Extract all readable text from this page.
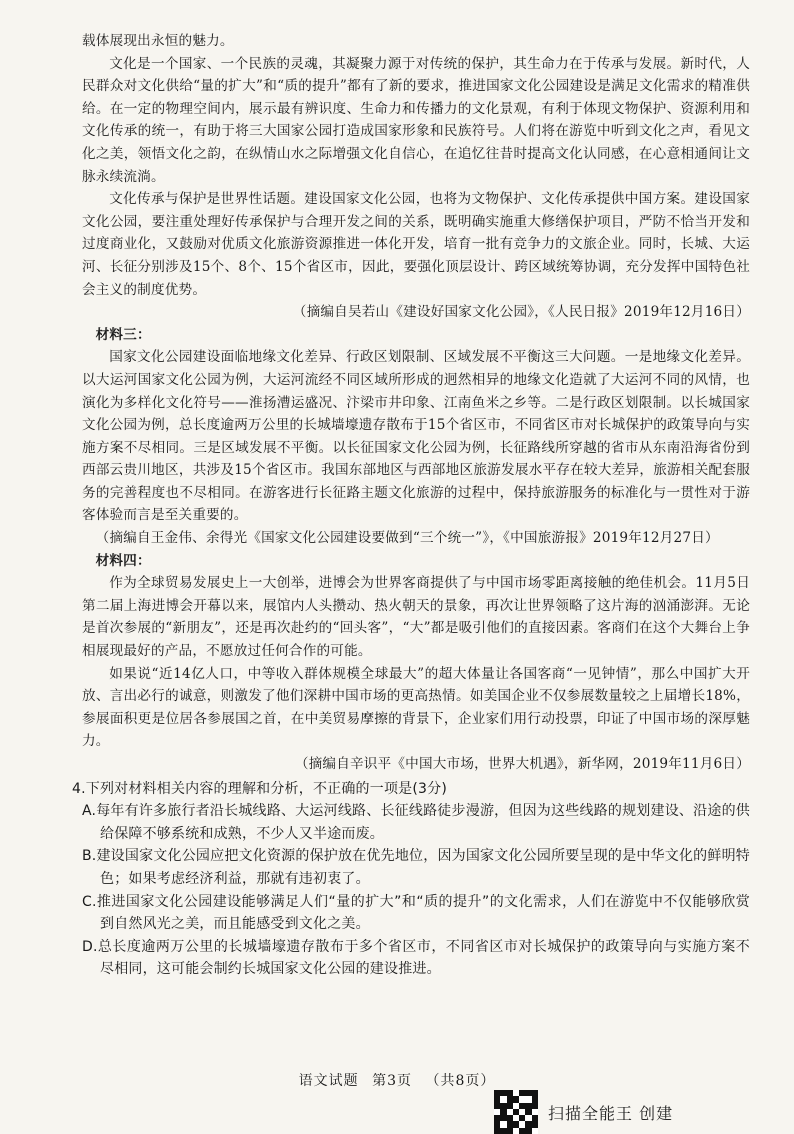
载体展现出永恒的魅力。

文化是一个国家、一个民族的灵魂，其凝聚力源于对传统的保护，其生命力在于传承与发展。新时代，人民群众对文化供给“量的扩大”和“质的提升”都有了新的要求，推进国家文化公园建设是满足文化需求的精准供给。在一定的物理空间内，展示最有辨识度、生命力和传播力的文化景观，有利于体现文物保护、资源利用和文化传承的统一，有助于将三大国家公园打造成国家形象和民族符号。人们将在游览中听到文化之声，看见文化之美，领悟文化之韵，在纵情山水之际增强文化自信心，在追忆往昔时提高文化认同感，在心意相通间让文脉永续流淌。

文化传承与保护是世界性话题。建设国家文化公园，也将为文物保护、文化传承提供中国方案。建设国家文化公园，要注重处理好传承保护与合理开发之间的关系，既明确实施重大修缮保护项目，严防不恰当开发和过度商业化，又鼓励对优质文化旅游资源推进一体化开发，培育一批有竞争力的文旅企业。同时，长城、大运河、长征分别涉及15个、8个、15个省区市，因此，要强化顶层设计、跨区域统筹协调，充分发挥中国特色社会主义的制度优势。

（摘编自吴若山《建设好国家文化公园》，《人民日报》2019年12月16日）

材料三：

国家文化公园建设面临地缘文化差异、行政区划限制、区域发展不平衡这三大问题。一是地缘文化差异。以大运河国家文化公园为例，大运河流经不同区域所形成的迥然相异的地缘文化造就了大运河不同的风情，也演化为多样化文化符号——淮扬漕运盛况、汴梁市井印象、江南鱼米之乡等。二是行政区划限制。以长城国家文化公园为例，总长度逾两万公里的长城墙壕遗存散布于15个省区市，不同省区市对长城保护的政策导向与实施方案不尽相同。三是区域发展不平衡。以长征国家文化公园为例，长征路线所穿越的省市从东南沿海省份到西部云贵川地区，共涉及15个省区市。我国东部地区与西部地区旅游发展水平存在较大差异，旅游相关配套服务的完善程度也不尽相同。在游客进行长征路主题文化旅游的过程中，保持旅游服务的标准化与一贯性对于游客体验而言是至关重要的。

（摘编自王金伟、余得光《国家文化公园建设要做到“三个统一”》，《中国旅游报》2019年12月27日）

材料四：

作为全球贸易发展史上一大创举，进博会为世界客商提供了与中国市场零距离接触的绝佳机会。11月5日第二届上海进博会开幕以来，展馆内人头攒动、热火朝天的景象，再次让世界领略了这片海的汹涌澎湃。无论是首次参展的“新朋友”，还是再次赴约的“回头客”，“大”都是吸引他们的直接因素。客商们在这个大舞台上争相展现最好的产品，不愿放过任何合作的可能。

如果说“近14亿人口，中等收入群体规模全球最大”的超大体量让各国客商“一见钟情”，那么中国扩大开放、言出必行的诚意，则激发了他们深耕中国市场的更高热情。如美国企业不仅参展数量较之上届增长18%，参展面积更是位居各参展国之首，在中美贸易摩擦的背景下，企业家们用行动投票，印证了中国市场的深厚魅力。

（摘编自辛识平《中国大市场，世界大机遇》，新华网，2019年11月6日）

4.下列对材料相关内容的理解和分析，不正确的一项是(3分)

A.每年有许多旅行者沿长城线路、大运河线路、长征线路徒步漫游，但因为这些线路的规划建设、沿途的供给保障不够系统和成熟，不少人又半途而废。

B.建设国家文化公园应把文化资源的保护放在优先地位，因为国家文化公园所要呈现的是中华文化的鲜明特色；如果考虑经济利益，那就有违初衷了。

C.推进国家文化公园建设能够满足人们“量的扩大”和“质的提升”的文化需求，人们在游览中不仅能够欣赏到自然风光之美，而且能感受到文化之美。

D.总长度逾两万公里的长城墙壕遗存散布于多个省区市，不同省区市对长城保护的政策导向与实施方案不尽相同，这可能会制约长城国家文化公园的建设推进。

语文试题 第3页 （共8页）
扫描全能王 创建
